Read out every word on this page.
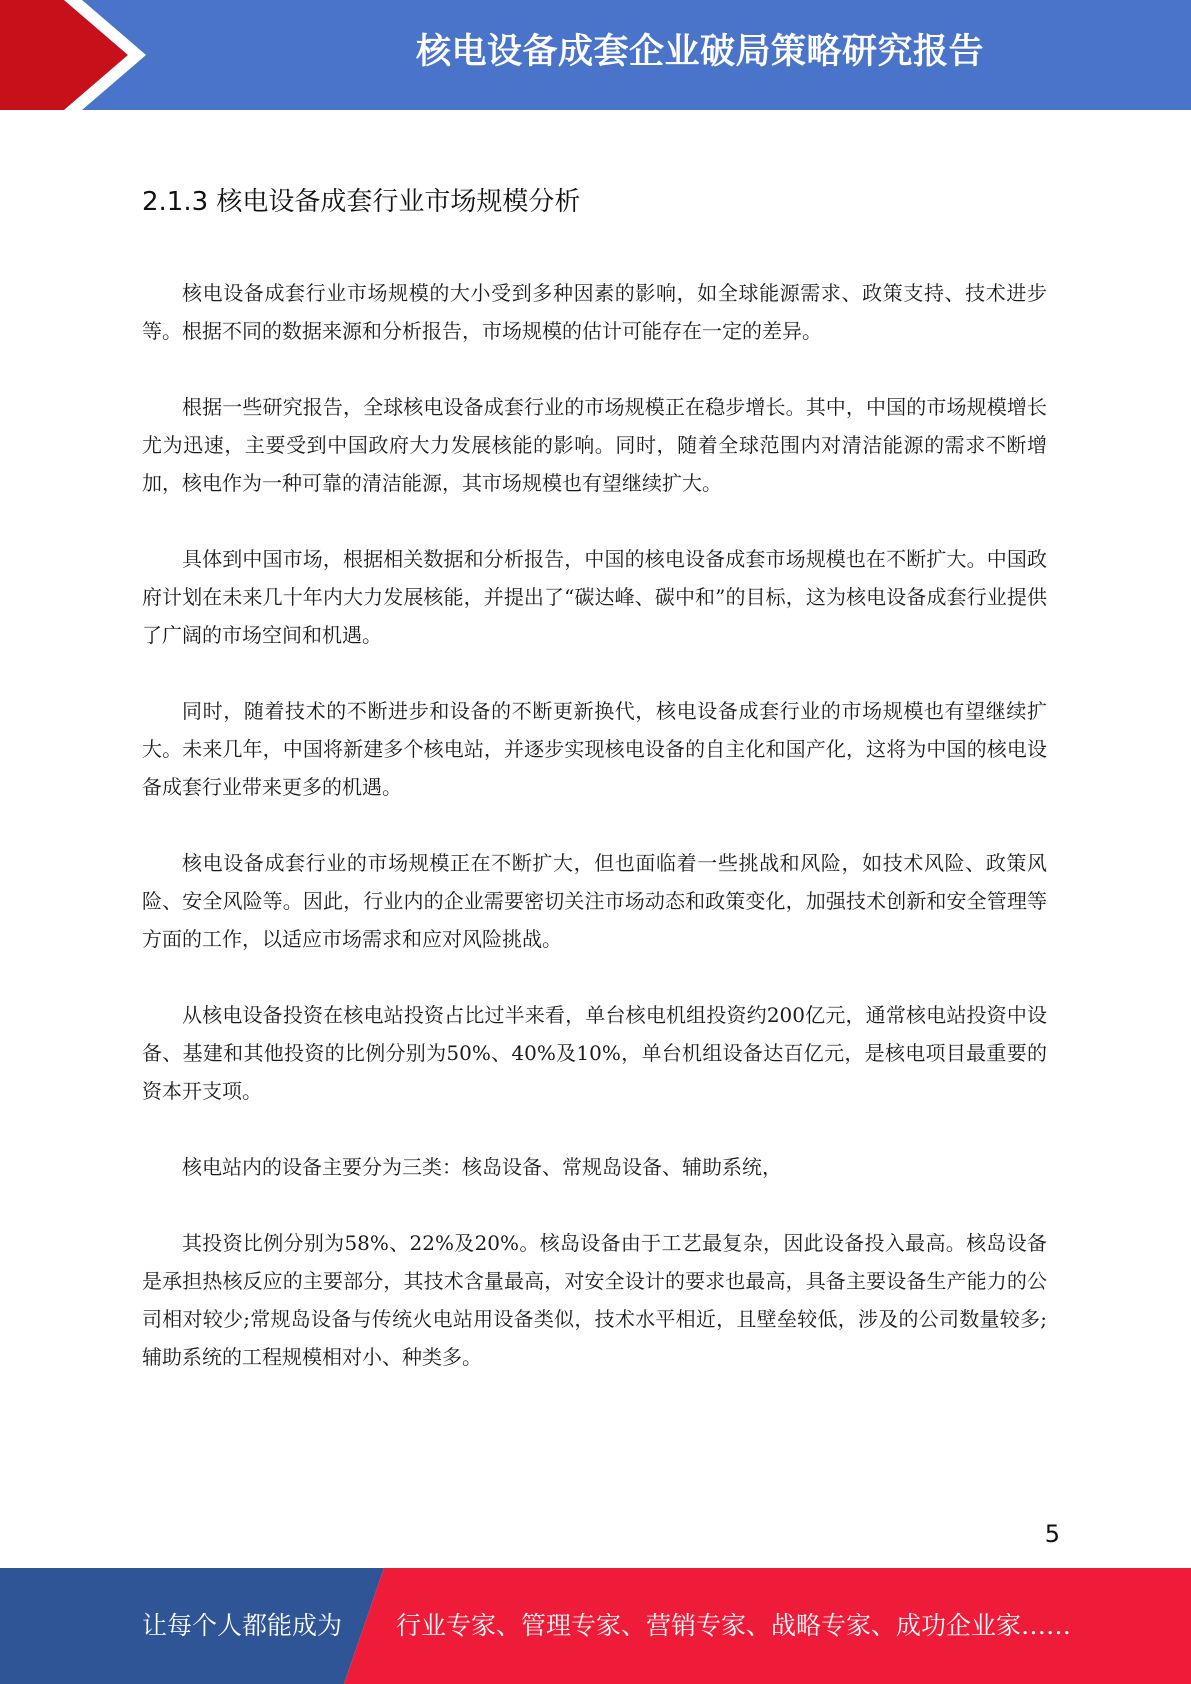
核电设备成套企业破局策略研究报告
2.1.3 核电设备成套行业市场规模分析

核电设备成套行业市场规模的大小受到多种因素的影响，如全球能源需求、政策支持、技术进步等。根据不同的数据来源和分析报告，市场规模的估计可能存在一定的差异。

根据一些研究报告，全球核电设备成套行业的市场规模正在稳步增长。其中，中国的市场规模增长尤为迅速，主要受到中国政府大力发展核能的影响。同时，随着全球范围内对清洁能源的需求不断增加，核电作为一种可靠的清洁能源，其市场规模也有望继续扩大。

具体到中国市场，根据相关数据和分析报告，中国的核电设备成套市场规模也在不断扩大。中国政府计划在未来几十年内大力发展核能，并提出了“碳达峰、碳中和”的目标，这为核电设备成套行业提供了广阔的市场空间和机遇。

同时，随着技术的不断进步和设备的不断更新换代，核电设备成套行业的市场规模也有望继续扩大。未来几年，中国将新建多个核电站，并逐步实现核电设备的自主化和国产化，这将为中国的核电设备成套行业带来更多的机遇。

核电设备成套行业的市场规模正在不断扩大，但也面临着一些挑战和风险，如技术风险、政策风险、安全风险等。因此，行业内的企业需要密切关注市场动态和政策变化，加强技术创新和安全管理等方面的工作，以适应市场需求和应对风险挑战。

从核电设备投资在核电站投资占比过半来看，单台核电机组投资约200亿元，通常核电站投资中设备、基建和其他投资的比例分别为50%、40%及10%，单台机组设备达百亿元，是核电项目最重要的资本开支项。

核电站内的设备主要分为三类：核岛设备、常规岛设备、辅助系统，

其投资比例分别为58%、22%及20%。核岛设备由于工艺最复杂，因此设备投入最高。核岛设备是承担热核反应的主要部分，其技术含量最高，对安全设计的要求也最高，具备主要设备生产能力的公司相对较少;常规岛设备与传统火电站用设备类似，技术水平相近，且壁垒较低，涉及的公司数量较多;辅助系统的工程规模相对小、种类多。

5
让每个人都能成为 行业专家、管理专家、营销专家、战略专家、成功企业家……
